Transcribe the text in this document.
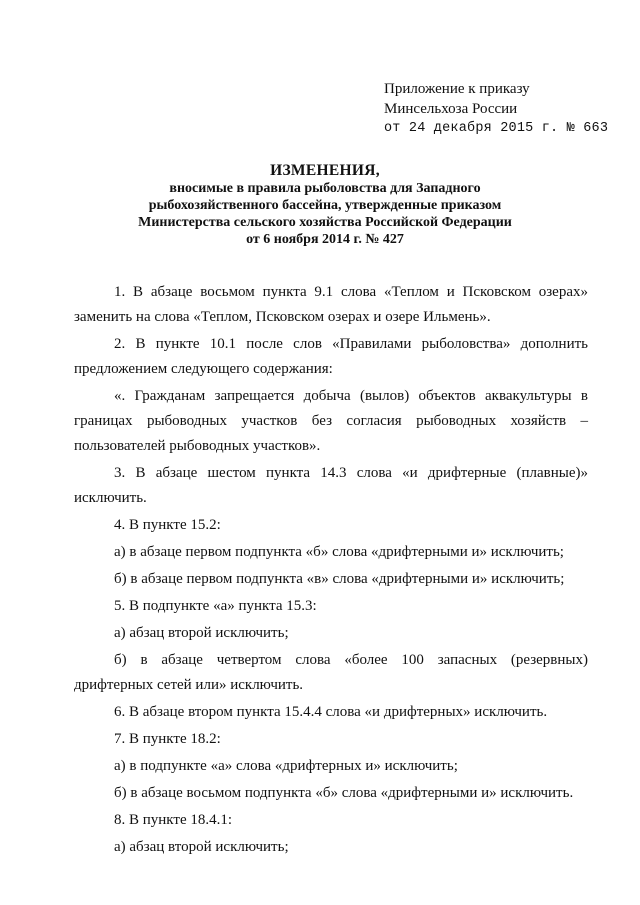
Приложение к приказу
Минсельхоза России
от 24 декабря 2015 г. № 663
ИЗМЕНЕНИЯ,
вносимые в правила рыболовства для Западного
рыбохозяйственного бассейна, утвержденные приказом
Министерства сельского хозяйства Российской Федерации
от 6 ноября 2014 г. № 427

1. В абзаце восьмом пункта 9.1 слова «Теплом и Псковском озерах» заменить на слова «Теплом, Псковском озерах и озере Ильмень».

2. В пункте 10.1 после слов «Правилами рыболовства» дополнить предложением следующего содержания:

«. Гражданам запрещается добыча (вылов) объектов аквакультуры в границах рыбоводных участков без согласия рыбоводных хозяйств – пользователей рыбоводных участков».

3. В абзаце шестом пункта 14.3 слова «и дрифтерные (плавные)» исключить.

4. В пункте 15.2:

а) в абзаце первом подпункта «б» слова «дрифтерными и» исключить;

б) в абзаце первом подпункта «в» слова «дрифтерными и» исключить;

5. В подпункте «а» пункта 15.3:

а) абзац второй исключить;

б) в абзаце четвертом слова «более 100 запасных (резервных) дрифтерных сетей или» исключить.

6. В абзаце втором пункта 15.4.4 слова «и дрифтерных» исключить.

7. В пункте 18.2:

а) в подпункте «а» слова «дрифтерных и» исключить;

б) в абзаце восьмом подпункта «б» слова «дрифтерными и» исключить.

8. В пункте 18.4.1:

а) абзац второй исключить;
